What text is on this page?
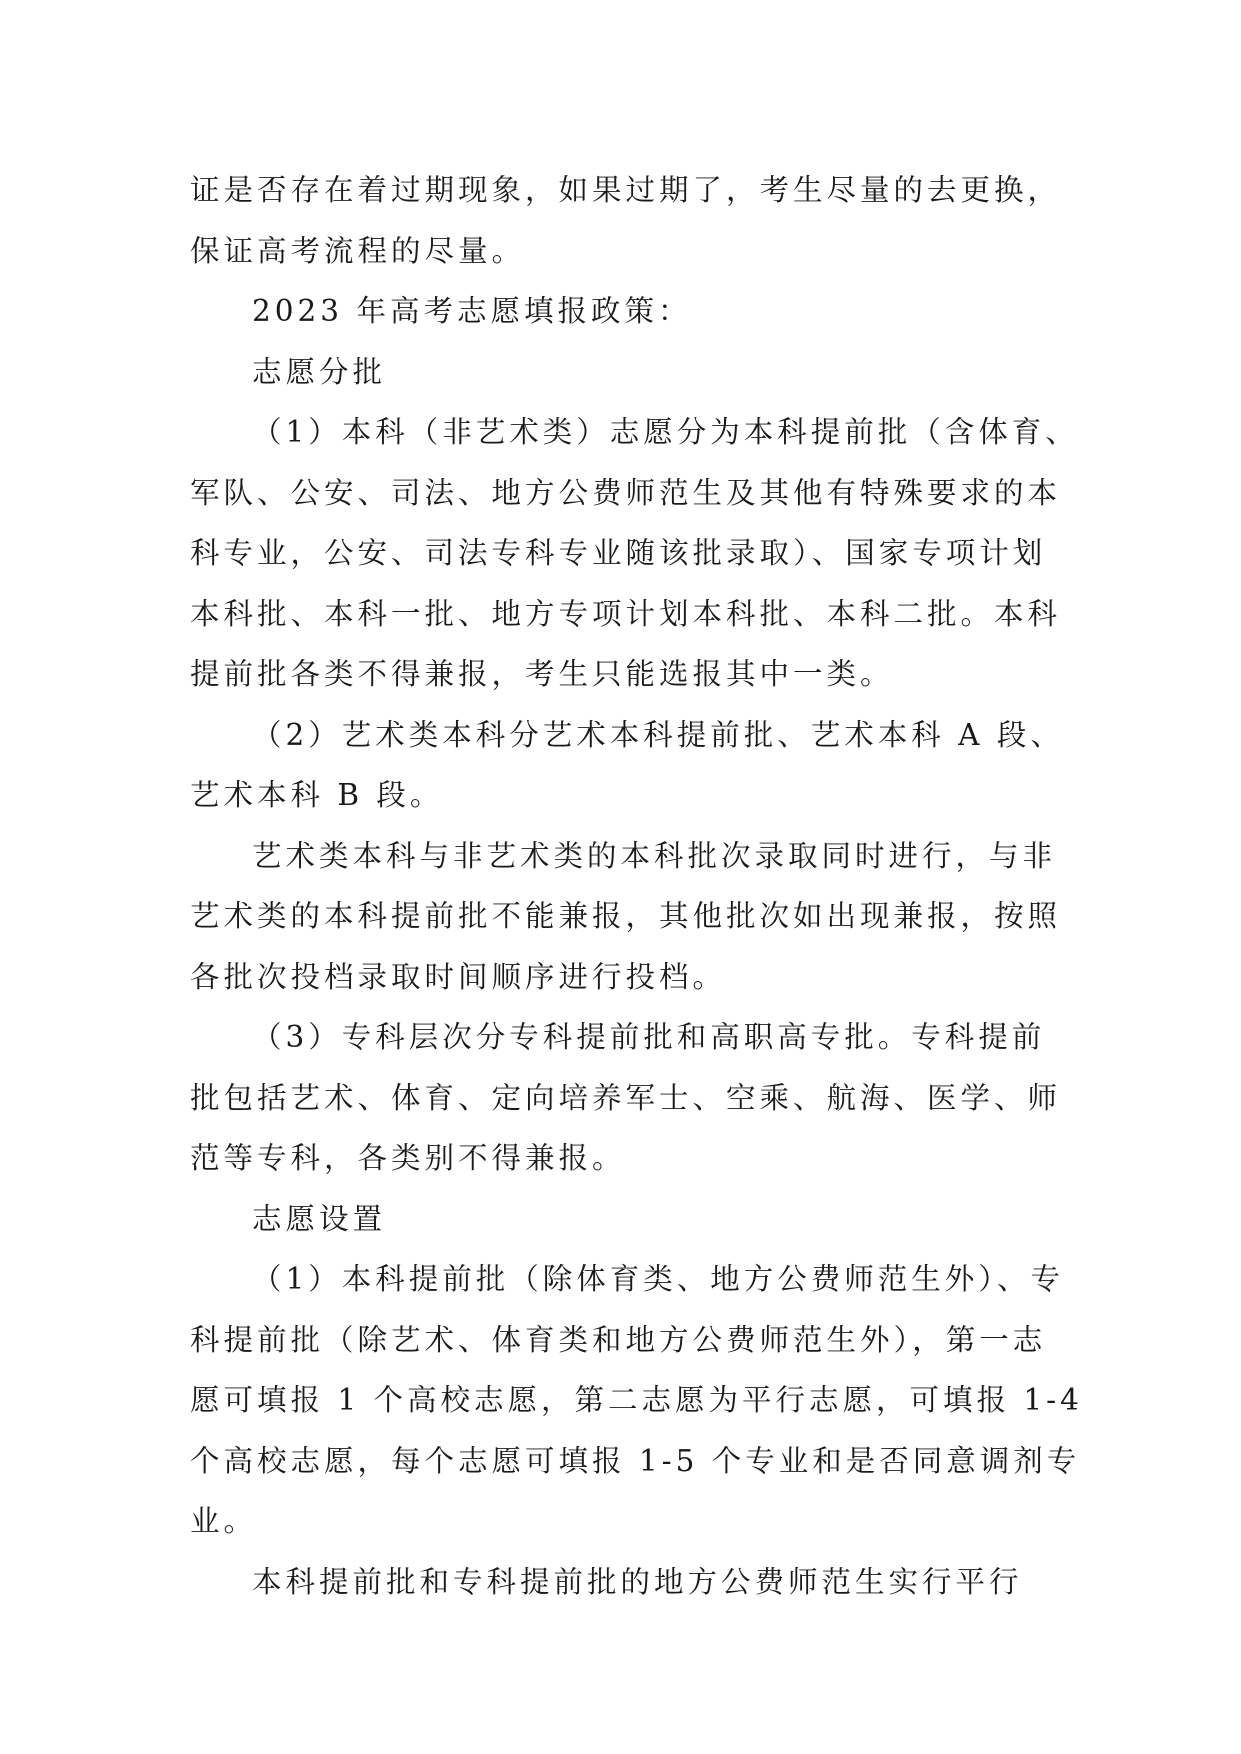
证是否存在着过期现象，如果过期了，考生尽量的去更换，
保证高考流程的尽量。
2023 年高考志愿填报政策：
志愿分批
（1）本科（非艺术类）志愿分为本科提前批（含体育、
军队、公安、司法、地方公费师范生及其他有特殊要求的本
科专业，公安、司法专科专业随该批录取）、国家专项计划
本科批、本科一批、地方专项计划本科批、本科二批。本科
提前批各类不得兼报，考生只能选报其中一类。
（2）艺术类本科分艺术本科提前批、艺术本科 A 段、
艺术本科 B 段。
艺术类本科与非艺术类的本科批次录取同时进行，与非
艺术类的本科提前批不能兼报，其他批次如出现兼报，按照
各批次投档录取时间顺序进行投档。
（3）专科层次分专科提前批和高职高专批。专科提前
批包括艺术、体育、定向培养军士、空乘、航海、医学、师
范等专科，各类别不得兼报。
志愿设置
（1）本科提前批（除体育类、地方公费师范生外）、专
科提前批（除艺术、体育类和地方公费师范生外），第一志
愿可填报 1 个高校志愿，第二志愿为平行志愿，可填报 1-4
个高校志愿，每个志愿可填报 1-5 个专业和是否同意调剂专
业。
本科提前批和专科提前批的地方公费师范生实行平行
